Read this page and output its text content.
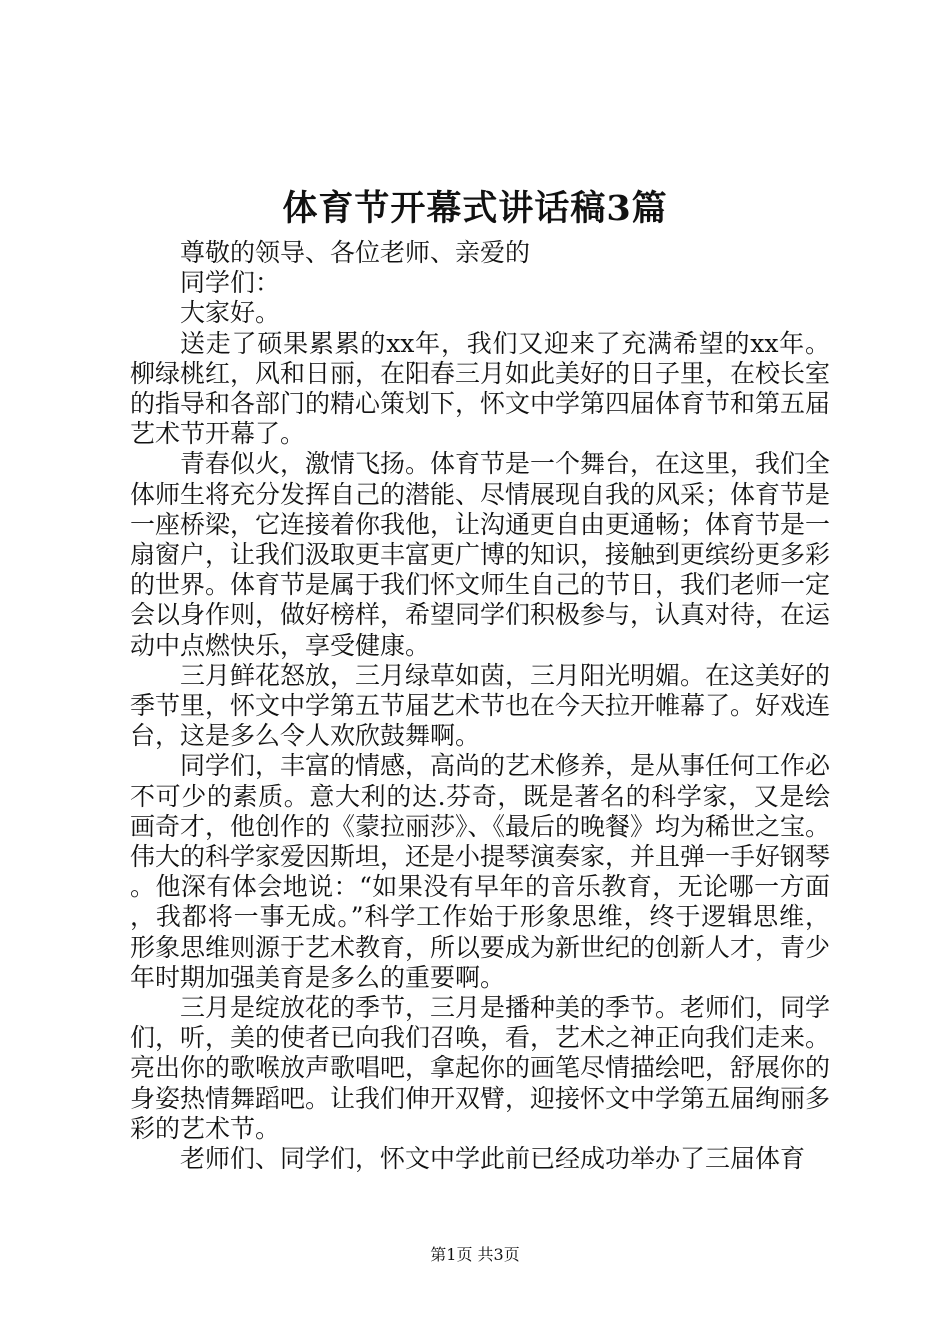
体育节开幕式讲话稿3篇

尊敬的领导、各位老师、亲爱的同学们：

大家好。

送走了硕果累累的xx年，我们又迎来了充满希望的xx年。柳绿桃红，风和日丽，在阳春三月如此美好的日子里，在校长室的指导和各部门的精心策划下，怀文中学第四届体育节和第五届艺术节开幕了。

青春似火，激情飞扬。体育节是一个舞台，在这里，我们全体师生将充分发挥自己的潜能、尽情展现自我的风采；体育节是一座桥梁，它连接着你我他，让沟通更自由更通畅；体育节是一扇窗户，让我们汲取更丰富更广博的知识，接触到更缤纷更多彩的世界。体育节是属于我们怀文师生自己的节日，我们老师一定会以身作则，做好榜样，希望同学们积极参与，认真对待，在运动中点燃快乐，享受健康。

三月鲜花怒放，三月绿草如茵，三月阳光明媚。在这美好的季节里，怀文中学第五节届艺术节也在今天拉开帷幕了。好戏连台，这是多么令人欢欣鼓舞啊。

同学们，丰富的情感，高尚的艺术修养，是从事任何工作必不可少的素质。意大利的达.芬奇，既是著名的科学家，又是绘画奇才，他创作的《蒙拉丽莎》、《最后的晚餐》均为稀世之宝。伟大的科学家爱因斯坦，还是小提琴演奏家，并且弹一手好钢琴。他深有体会地说：“如果没有早年的音乐教育，无论哪一方面，我都将一事无成。”科学工作始于形象思维，终于逻辑思维，形象思维则源于艺术教育，所以要成为新世纪的创新人才，青少年时期加强美育是多么的重要啊。

三月是绽放花的季节，三月是播种美的季节。老师们，同学们，听，美的使者已向我们召唤，看，艺术之神正向我们走来。亮出你的歌喉放声歌唱吧，拿起你的画笔尽情描绘吧，舒展你的身姿热情舞蹈吧。让我们伸开双臂，迎接怀文中学第五届绚丽多彩的艺术节。

老师们、同学们，怀文中学此前已经成功举办了三届体育

第1页 共3页
